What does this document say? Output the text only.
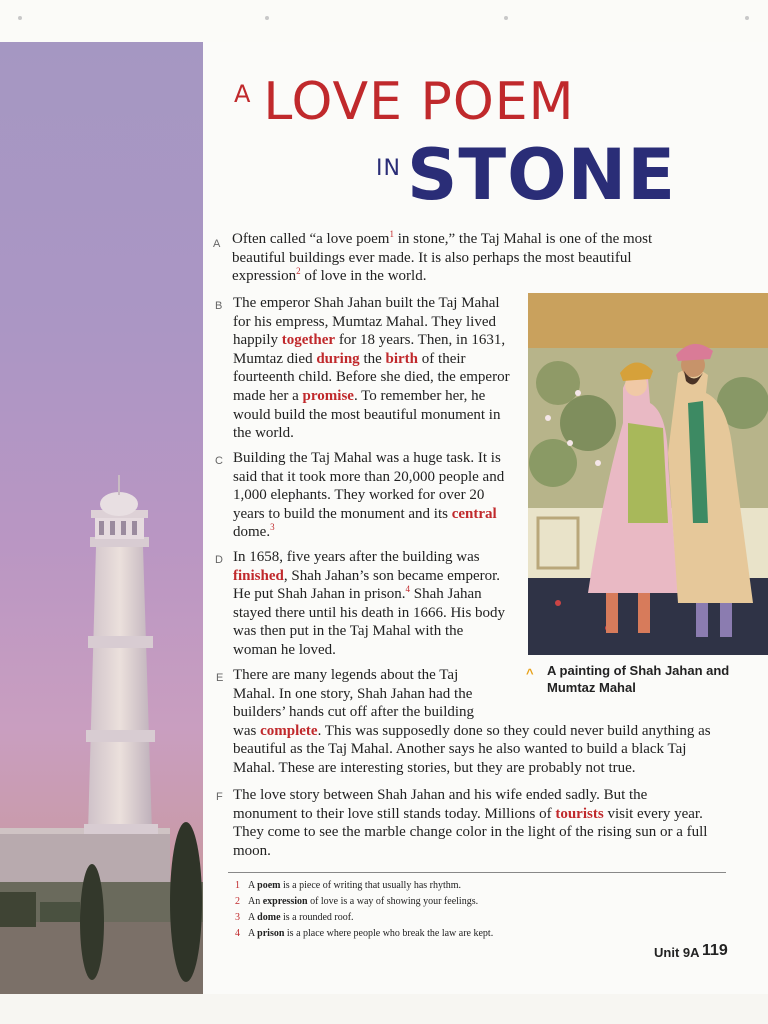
$^A$ LOVE POEM
$^{IN}$STONE
A
B
C
D
E
F

Often called “a love poem$^1$ in stone,” the Taj Mahal is one of the most beautiful buildings ever made. It is also perhaps the most beautiful expression$^2$ of love in the world.

The emperor Shah Jahan built the Taj Mahal for his empress, Mumtaz Mahal. They lived happily together for 18 years. Then, in 1631, Mumtaz died during the birth of their fourteenth child. Before she died, the emperor made her a promise. To remember her, he would build the most beautiful monument in the world.

Building the Taj Mahal was a huge task. It is said that it took more than 20,000 people and 1,000 elephants. They worked for over 20 years to build the monument and its central dome.$^3$

In 1658, five years after the building was finished, Shah Jahan’s son became emperor. He put Shah Jahan in prison.$^4$ Shah Jahan stayed there until his death in 1666. His body was then put in the Taj Mahal with the woman he loved.

There are many legends about the Taj Mahal. In one story, Shah Jahan had the builders’ hands cut off after the building
was complete. This was supposedly done so they could never build anything as beautiful as the Taj Mahal. Another says he also wanted to build a black Taj Mahal. These are interesting stories, but they are probably not true.

The love story between Shah Jahan and his wife ended sadly. But the monument to their love still stands today. Millions of tourists visit every year. They come to see the marble change color in the light of the rising sun or a full moon.

^ A painting of Shah Jahan and Mumtaz Mahal

1 A poem is a piece of writing that usually has rhythm.

2 An expression of love is a way of showing your feelings.

3 A dome is a rounded roof.

4 A prison is a place where people who break the law are kept.

Unit 9A 119
